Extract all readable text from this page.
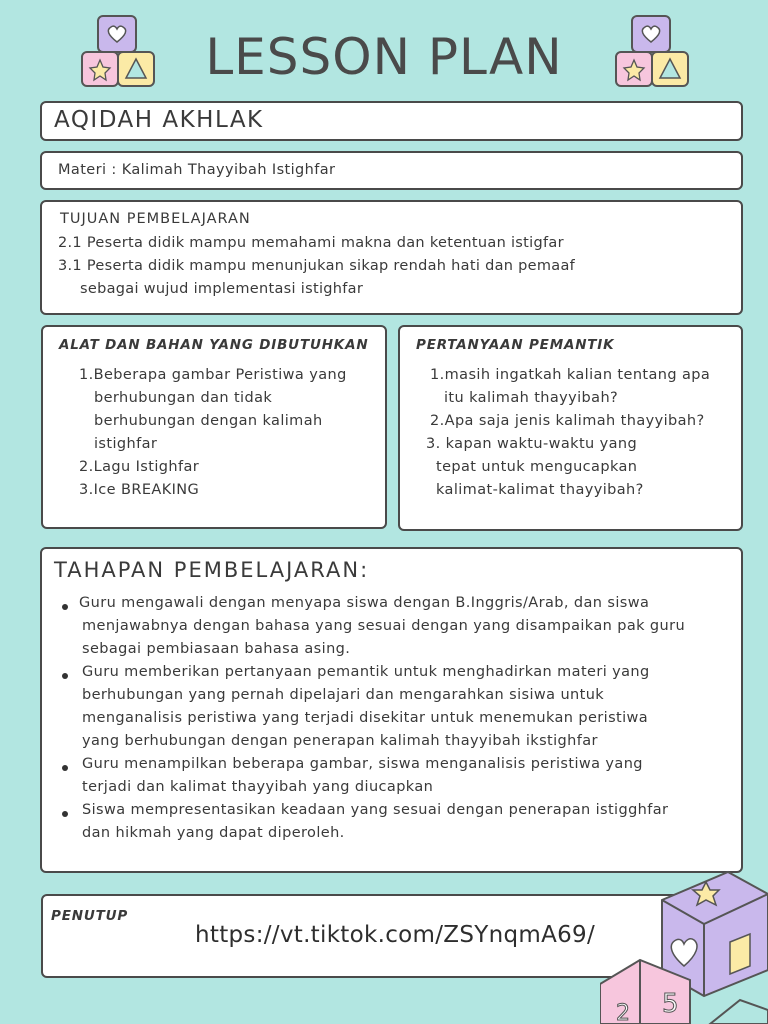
LESSON PLAN
AQIDAH AKHLAK
Materi : Kalimah Thayyibah Istighfar
TUJUAN PEMBELAJARAN
2.1 Peserta didik mampu memahami makna dan ketentuan istigfar
3.1 Peserta didik mampu menunjukan sikap rendah hati dan pemaaf
sebagai wujud implementasi istighfar
ALAT DAN BAHAN YANG DIBUTUHKAN
1.Beberapa gambar Peristiwa yang
berhubungan dan tidak
berhubungan dengan kalimah
istighfar
2.Lagu Istighfar
3.Ice BREAKING
PERTANYAAN PEMANTIK
1.masih ingatkah kalian tentang apa
itu kalimah thayyibah?
2.Apa saja jenis kalimah thayyibah?
3. kapan waktu-waktu yang
tepat untuk mengucapkan
kalimat-kalimat thayyibah?
TAHAPAN PEMBELAJARAN:
Guru mengawali dengan menyapa siswa dengan B.Inggris/Arab, dan siswa
menjawabnya dengan bahasa yang sesuai dengan yang disampaikan pak guru
sebagai pembiasaan bahasa asing.
Guru memberikan pertanyaan pemantik untuk menghadirkan materi yang
berhubungan yang pernah dipelajari dan mengarahkan sisiwa untuk
menganalisis peristiwa yang terjadi disekitar untuk menemukan peristiwa
yang berhubungan dengan penerapan kalimah thayyibah ikstighfar
Guru menampilkan beberapa gambar, siswa menganalisis peristiwa yang
terjadi dan kalimat thayyibah yang diucapkan
Siswa mempresentasikan keadaan yang sesuai dengan penerapan istigghfar
dan hikmah yang dapat diperoleh.
PENUTUP
https://vt.tiktok.com/ZSYnqmA69/
5
2
